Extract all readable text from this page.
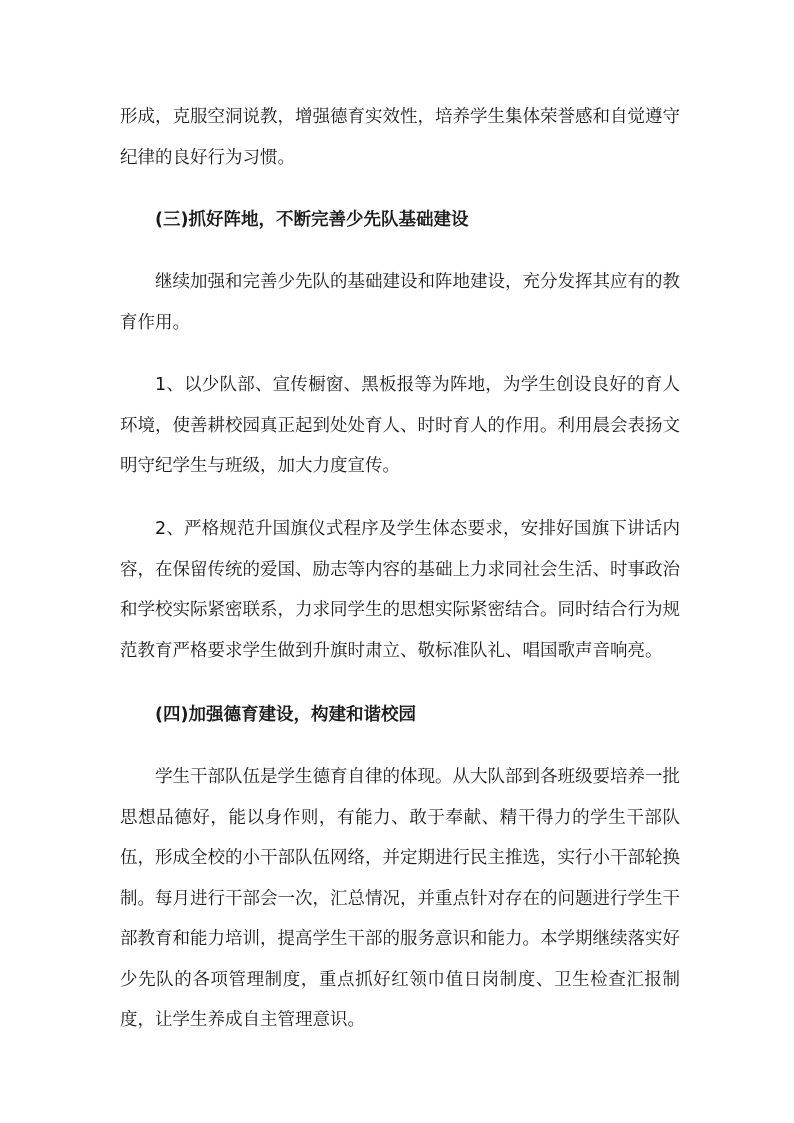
形成，克服空洞说教，增强德育实效性，培养学生集体荣誉感和自觉遵守纪律的良好行为习惯。

(三)抓好阵地，不断完善少先队基础建设

继续加强和完善少先队的基础建设和阵地建设，充分发挥其应有的教育作用。

1、以少队部、宣传橱窗、黑板报等为阵地，为学生创设良好的育人环境，使善耕校园真正起到处处育人、时时育人的作用。利用晨会表扬文明守纪学生与班级，加大力度宣传。

2、严格规范升国旗仪式程序及学生体态要求，安排好国旗下讲话内容，在保留传统的爱国、励志等内容的基础上力求同社会生活、时事政治和学校实际紧密联系，力求同学生的思想实际紧密结合。同时结合行为规范教育严格要求学生做到升旗时肃立、敬标准队礼、唱国歌声音响亮。

(四)加强德育建设，构建和谐校园

学生干部队伍是学生德育自律的体现。从大队部到各班级要培养一批思想品德好，能以身作则，有能力、敢于奉献、精干得力的学生干部队伍，形成全校的小干部队伍网络，并定期进行民主推选，实行小干部轮换制。每月进行干部会一次，汇总情况，并重点针对存在的问题进行学生干部教育和能力培训，提高学生干部的服务意识和能力。本学期继续落实好少先队的各项管理制度，重点抓好红领巾值日岗制度、卫生检查汇报制度，让学生养成自主管理意识。
